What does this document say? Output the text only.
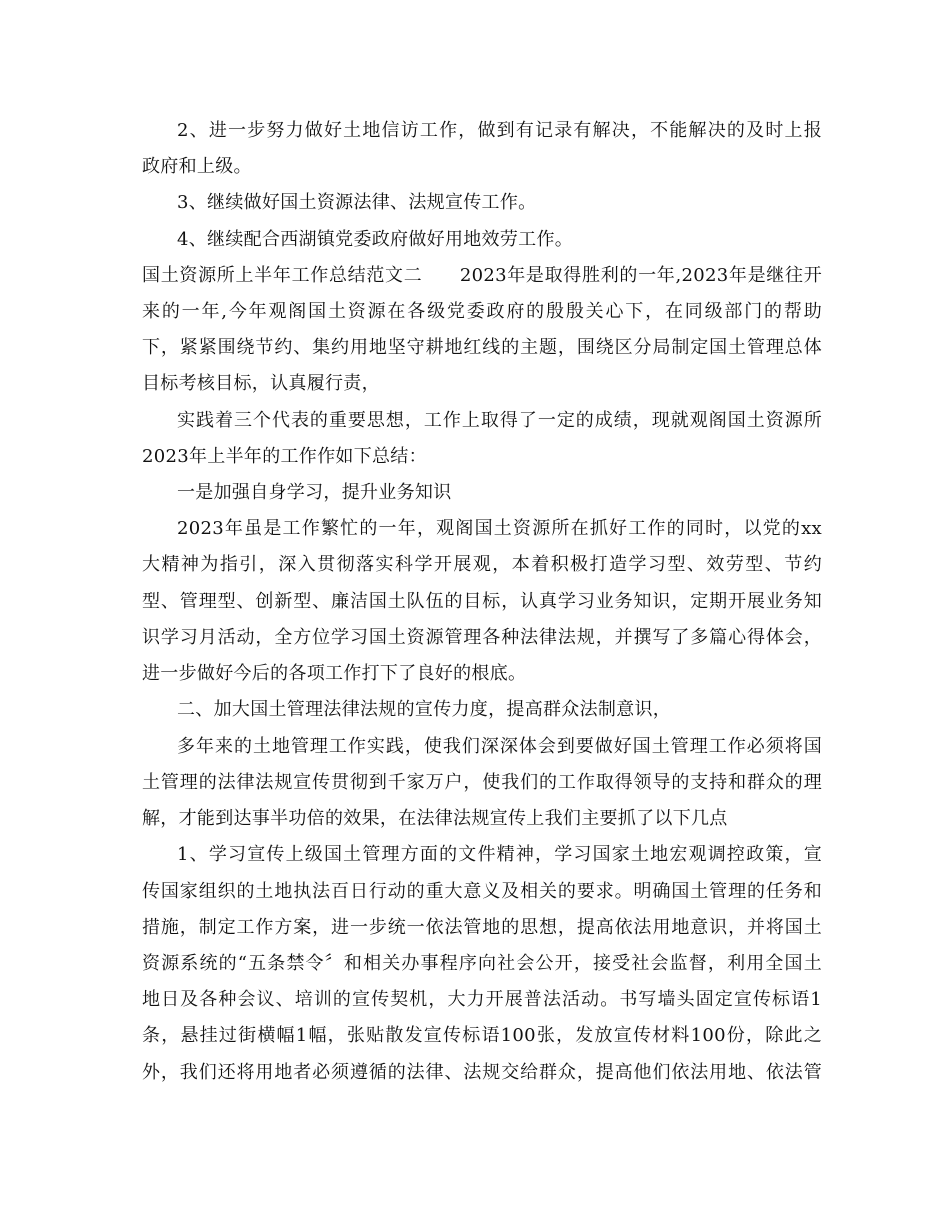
2、进一步努力做好土地信访工作，做到有记录有解决，不能解决的及时上报
政府和上级。
3、继续做好国土资源法律、法规宣传工作。
4、继续配合西湖镇党委政府做好用地效劳工作。
国土资源所上半年工作总结范文二　　2023年是取得胜利的一年,2023年是继往开
来的一年,今年观阁国土资源在各级党委政府的殷殷关心下，在同级部门的帮助
下，紧紧围绕节约、集约用地坚守耕地红线的主题，围绕区分局制定国土管理总体
目标考核目标，认真履行责，
实践着三个代表的重要思想，工作上取得了一定的成绩，现就观阁国土资源所
2023年上半年的工作作如下总结：
一是加强自身学习，提升业务知识
2023年虽是工作繁忙的一年，观阁国土资源所在抓好工作的同时，以党的xx
大精神为指引，深入贯彻落实科学开展观，本着积极打造学习型、效劳型、节约
型、管理型、创新型、廉洁国土队伍的目标，认真学习业务知识，定期开展业务知
识学习月活动，全方位学习国土资源管理各种法律法规，并撰写了多篇心得体会，
进一步做好今后的各项工作打下了良好的根底。
二、加大国土管理法律法规的宣传力度，提高群众法制意识，
多年来的土地管理工作实践，使我们深深体会到要做好国土管理工作必须将国
土管理的法律法规宣传贯彻到千家万户，使我们的工作取得领导的支持和群众的理
解，才能到达事半功倍的效果，在法律法规宣传上我们主要抓了以下几点
1、学习宣传上级国土管理方面的文件精神，学习国家土地宏观调控政策，宣
传国家组织的土地执法百日行动的重大意义及相关的要求。明确国土管理的任务和
措施，制定工作方案，进一步统一依法管地的思想，提高依法用地意识，并将国土
资源系统的“五条禁令〞和相关办事程序向社会公开，接受社会监督，利用全国土
地日及各种会议、培训的宣传契机，大力开展普法活动。书写墙头固定宣传标语1
条，悬挂过街横幅1幅，张贴散发宣传标语100张，发放宣传材料100份，除此之
外，我们还将用地者必须遵循的法律、法规交给群众，提高他们依法用地、依法管
